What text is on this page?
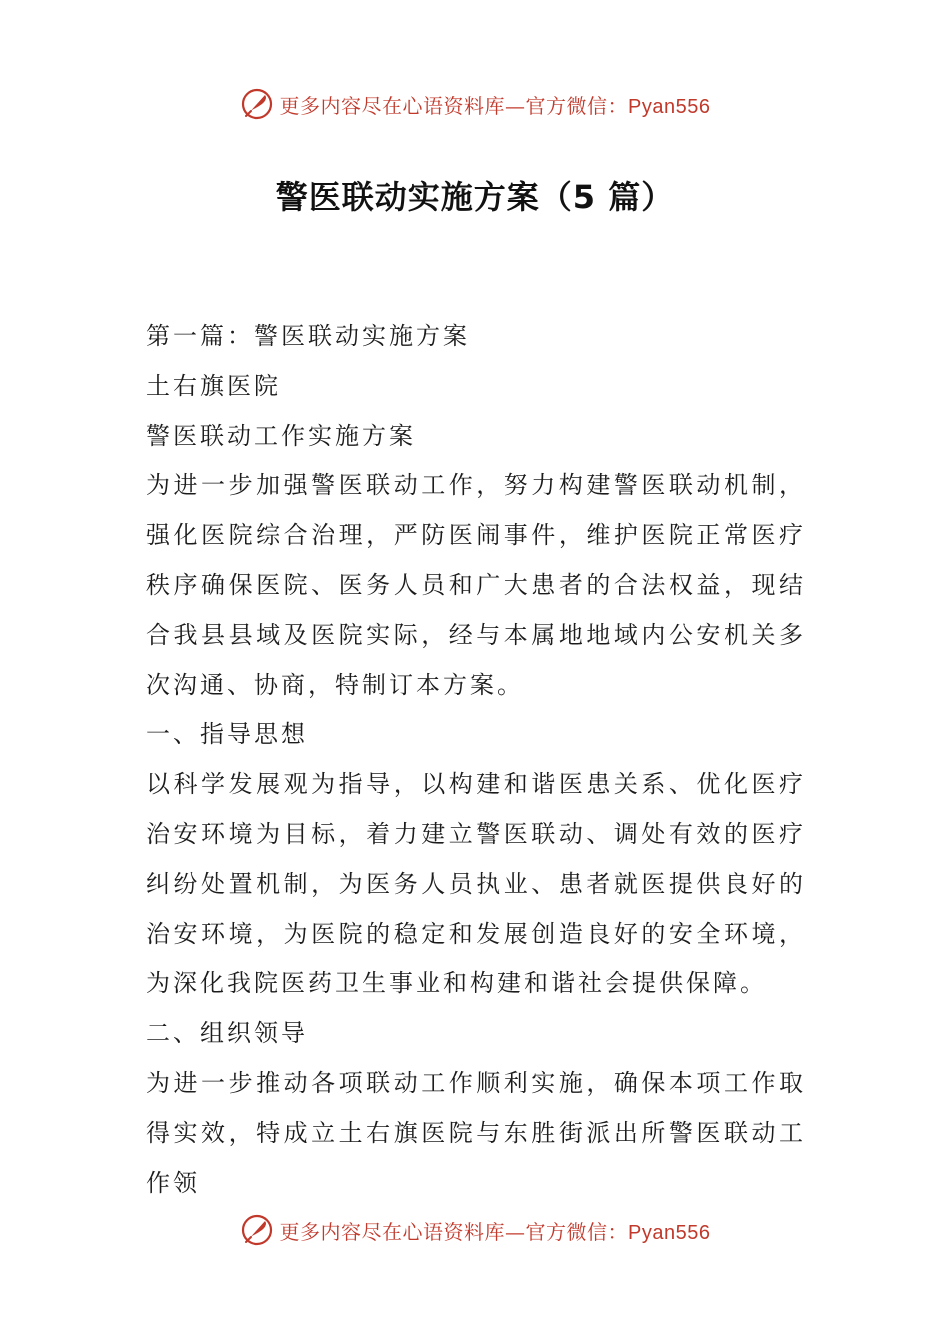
更多内容尽在心语资料库—官方微信：Pyan556
警医联动实施方案（5 篇）

第一篇：警医联动实施方案

土右旗医院

警医联动工作实施方案

为进一步加强警医联动工作，努力构建警医联动机制，强化医院综合治理，严防医闹事件，维护医院正常医疗秩序确保医院、医务人员和广大患者的合法权益，现结合我县县域及医院实际，经与本属地地域内公安机关多次沟通、协商，特制订本方案。

一、指导思想

以科学发展观为指导，以构建和谐医患关系、优化医疗治安环境为目标，着力建立警医联动、调处有效的医疗纠纷处置机制，为医务人员执业、患者就医提供良好的治安环境，为医院的稳定和发展创造良好的安全环境，为深化我院医药卫生事业和构建和谐社会提供保障。

二、组织领导

为进一步推动各项联动工作顺利实施，确保本项工作取得实效，特成立土右旗医院与东胜街派出所警医联动工作领

更多内容尽在心语资料库—官方微信：Pyan556
